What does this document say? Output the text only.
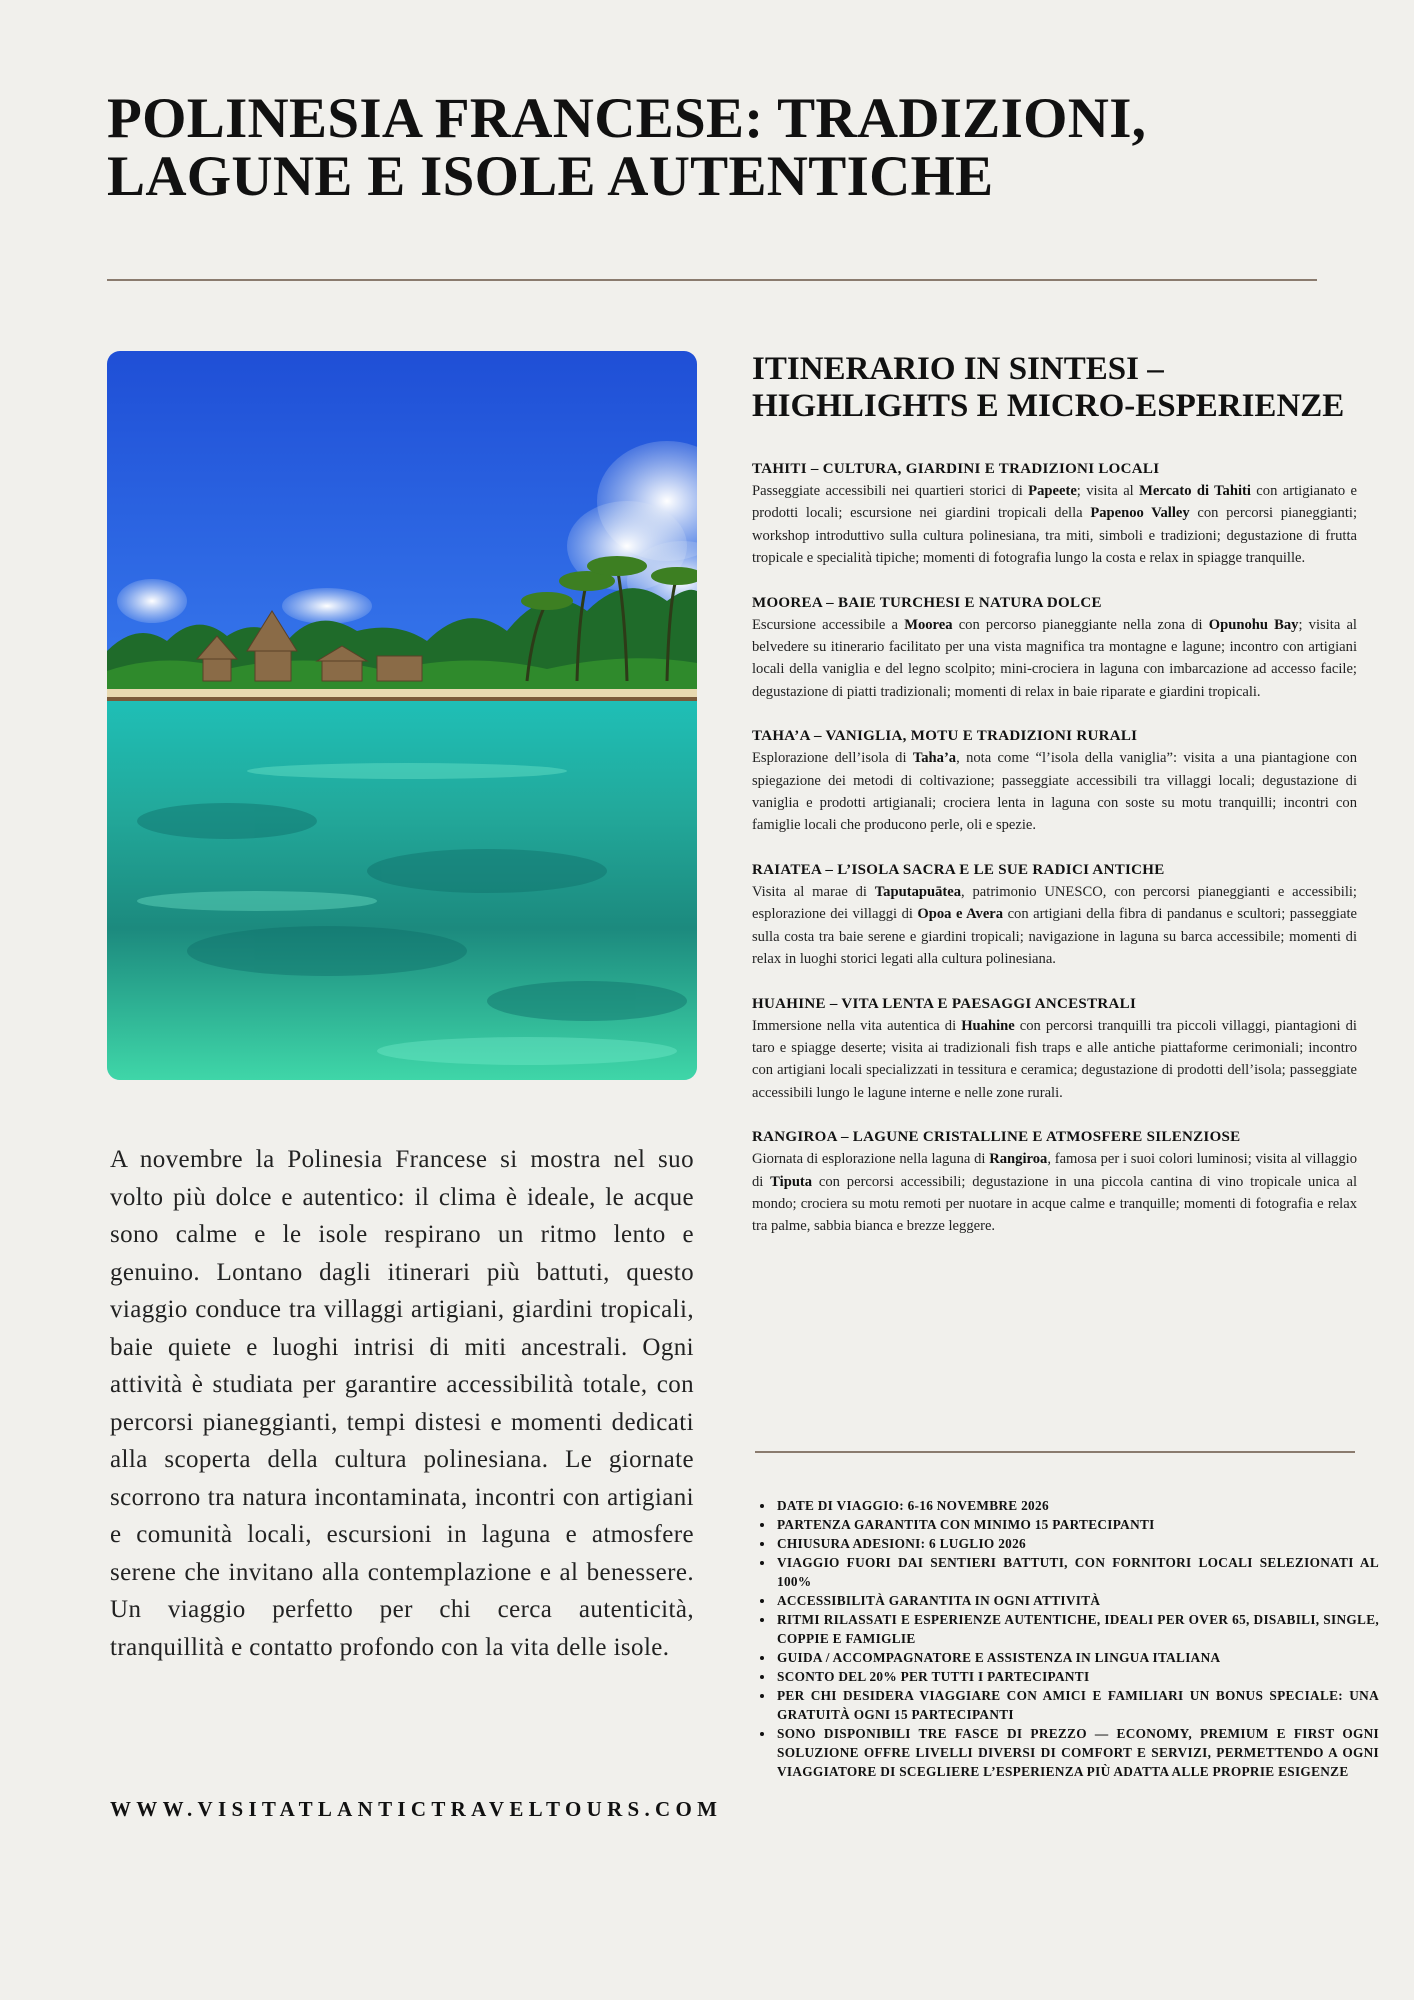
POLINESIA FRANCESE: TRADIZIONI, LAGUNE E ISOLE AUTENTICHE

A novembre la Polinesia Francese si mostra nel suo volto più dolce e autentico: il clima è ideale, le acque sono calme e le isole respirano un ritmo lento e genuino. Lontano dagli itinerari più battuti, questo viaggio conduce tra villaggi artigiani, giardini tropicali, baie quiete e luoghi intrisi di miti ancestrali. Ogni attività è studiata per garantire accessibilità totale, con percorsi pianeggianti, tempi distesi e momenti dedicati alla scoperta della cultura polinesiana. Le giornate scorrono tra natura incontaminata, incontri con artigiani e comunità locali, escursioni in laguna e atmosfere serene che invitano alla contemplazione e al benessere. Un viaggio perfetto per chi cerca autenticità, tranquillità e contatto profondo con la vita delle isole.

WWW.VISITATLANTICTRAVELTOURS.COM
ITINERARIO IN SINTESI – HIGHLIGHTS E MICRO-ESPERIENZE
TAHITI – CULTURA, GIARDINI E TRADIZIONI LOCALI

Passeggiate accessibili nei quartieri storici di Papeete; visita al Mercato di Tahiti con artigianato e prodotti locali; escursione nei giardini tropicali della Papenoo Valley con percorsi pianeggianti; workshop introduttivo sulla cultura polinesiana, tra miti, simboli e tradizioni; degustazione di frutta tropicale e specialità tipiche; momenti di fotografia lungo la costa e relax in spiagge tranquille.

MOOREA – BAIE TURCHESI E NATURA DOLCE

Escursione accessibile a Moorea con percorso pianeggiante nella zona di Opunohu Bay; visita al belvedere su itinerario facilitato per una vista magnifica tra montagne e lagune; incontro con artigiani locali della vaniglia e del legno scolpito; mini-crociera in laguna con imbarcazione ad accesso facile; degustazione di piatti tradizionali; momenti di relax in baie riparate e giardini tropicali.

TAHA’A – VANIGLIA, MOTU E TRADIZIONI RURALI

Esplorazione dell’isola di Taha’a, nota come “l’isola della vaniglia”: visita a una piantagione con spiegazione dei metodi di coltivazione; passeggiate accessibili tra villaggi locali; degustazione di vaniglia e prodotti artigianali; crociera lenta in laguna con soste su motu tranquilli; incontri con famiglie locali che producono perle, oli e spezie.

RAIATEA – L’ISOLA SACRA E LE SUE RADICI ANTICHE

Visita al marae di Taputapuātea, patrimonio UNESCO, con percorsi pianeggianti e accessibili; esplorazione dei villaggi di Opoa e Avera con artigiani della fibra di pandanus e scultori; passeggiate sulla costa tra baie serene e giardini tropicali; navigazione in laguna su barca accessibile; momenti di relax in luoghi storici legati alla cultura polinesiana.

HUAHINE – VITA LENTA E PAESAGGI ANCESTRALI

Immersione nella vita autentica di Huahine con percorsi tranquilli tra piccoli villaggi, piantagioni di taro e spiagge deserte; visita ai tradizionali fish traps e alle antiche piattaforme cerimoniali; incontro con artigiani locali specializzati in tessitura e ceramica; degustazione di prodotti dell’isola; passeggiate accessibili lungo le lagune interne e nelle zone rurali.

RANGIROA – LAGUNE CRISTALLINE E ATMOSFERE SILENZIOSE

Giornata di esplorazione nella laguna di Rangiroa, famosa per i suoi colori luminosi; visita al villaggio di Tiputa con percorsi accessibili; degustazione in una piccola cantina di vino tropicale unica al mondo; crociera su motu remoti per nuotare in acque calme e tranquille; momenti di fotografia e relax tra palme, sabbia bianca e brezze leggere.

• DATE DI VIAGGIO: 6-16 NOVEMBRE 2026
• PARTENZA GARANTITA CON MINIMO 15 PARTECIPANTI
• CHIUSURA ADESIONI: 6 LUGLIO 2026
• VIAGGIO FUORI DAI SENTIERI BATTUTI, CON FORNITORI LOCALI SELEZIONATI AL 100%
• ACCESSIBILITÀ GARANTITA IN OGNI ATTIVITÀ
• RITMI RILASSATI E ESPERIENZE AUTENTICHE, IDEALI PER OVER 65, DISABILI, SINGLE, COPPIE E FAMIGLIE
• GUIDA / ACCOMPAGNATORE E ASSISTENZA IN LINGUA ITALIANA
• SCONTO DEL 20% PER TUTTI I PARTECIPANTI
• PER CHI DESIDERA VIAGGIARE CON AMICI E FAMILIARI UN BONUS SPECIALE: UNA GRATUITÀ OGNI 15 PARTECIPANTI
• SONO DISPONIBILI TRE FASCE DI PREZZO — ECONOMY, PREMIUM E FIRST OGNI SOLUZIONE OFFRE LIVELLI DIVERSI DI COMFORT E SERVIZI, PERMETTENDO A OGNI VIAGGIATORE DI SCEGLIERE L’ESPERIENZA PIÙ ADATTA ALLE PROPRIE ESIGENZE
